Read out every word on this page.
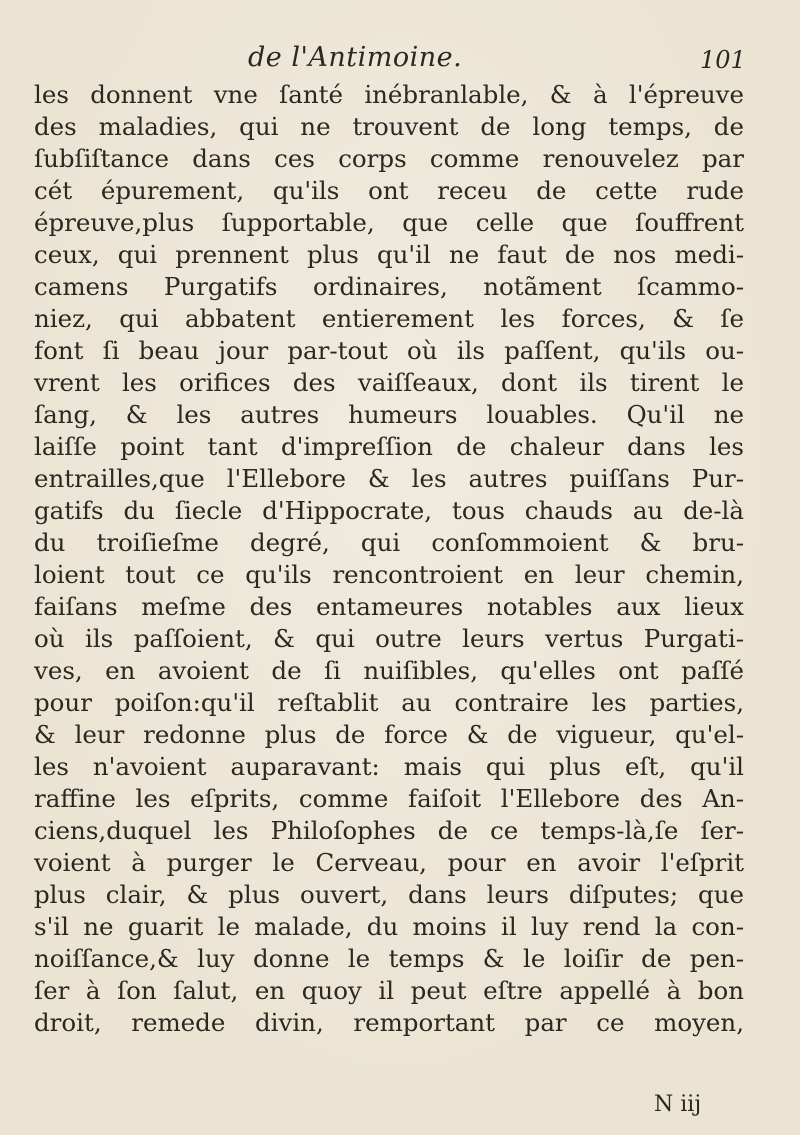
de l'Antimoine.	101
les donnent vne ſanté inébranlable, & à l'épreuve
des maladies, qui ne trouvent de long temps, de
ſubſiſtance dans ces corps comme renouvelez par
cét épurement, qu'ils ont receu de cette rude
épreuve,plus ſupportable, que celle que ſouffrent
ceux, qui prennent plus qu'il ne faut de nos medi-
camens Purgatifs ordinaires, notãment ſcammo-
niez, qui abbatent entierement les forces, & ſe
font ſi beau jour par-tout où ils paſſent, qu'ils ou-
vrent les orifices des vaiſſeaux, dont ils tirent le
ſang, & les autres humeurs louables. Qu'il ne
laiſſe point tant d'impreſſion de chaleur dans les
entrailles,que l'Ellebore & les autres puiſſans Pur-
gatifs du ſiecle d'Hippocrate, tous chauds au de-là
du troiſieſme degré, qui conſommoient & bru-
loient tout ce qu'ils rencontroient en leur chemin,
faiſans meſme des entameures notables aux lieux
où ils paſſoient, & qui outre leurs vertus Purgati-
ves, en avoient de ſi nuiſibles, qu'elles ont paſſé
pour poiſon:qu'il reſtablit au contraire les parties,
& leur redonne plus de force & de vigueur, qu'el-
les n'avoient auparavant: mais qui plus eſt, qu'il
raffine les eſprits, comme faiſoit l'Ellebore des An-
ciens,duquel les Philoſophes de ce temps-là,ſe ſer-
voient à purger le Cerveau, pour en avoir l'eſprit
plus clair, & plus ouvert, dans leurs diſputes; que
s'il ne guarit le malade, du moins il luy rend la con-
noiſſance,& luy donne le temps & le loiſir de pen-
ſer à ſon ſalut, en quoy il peut eſtre appellé à bon
droit, remede divin, remportant par ce moyen,
N iij
